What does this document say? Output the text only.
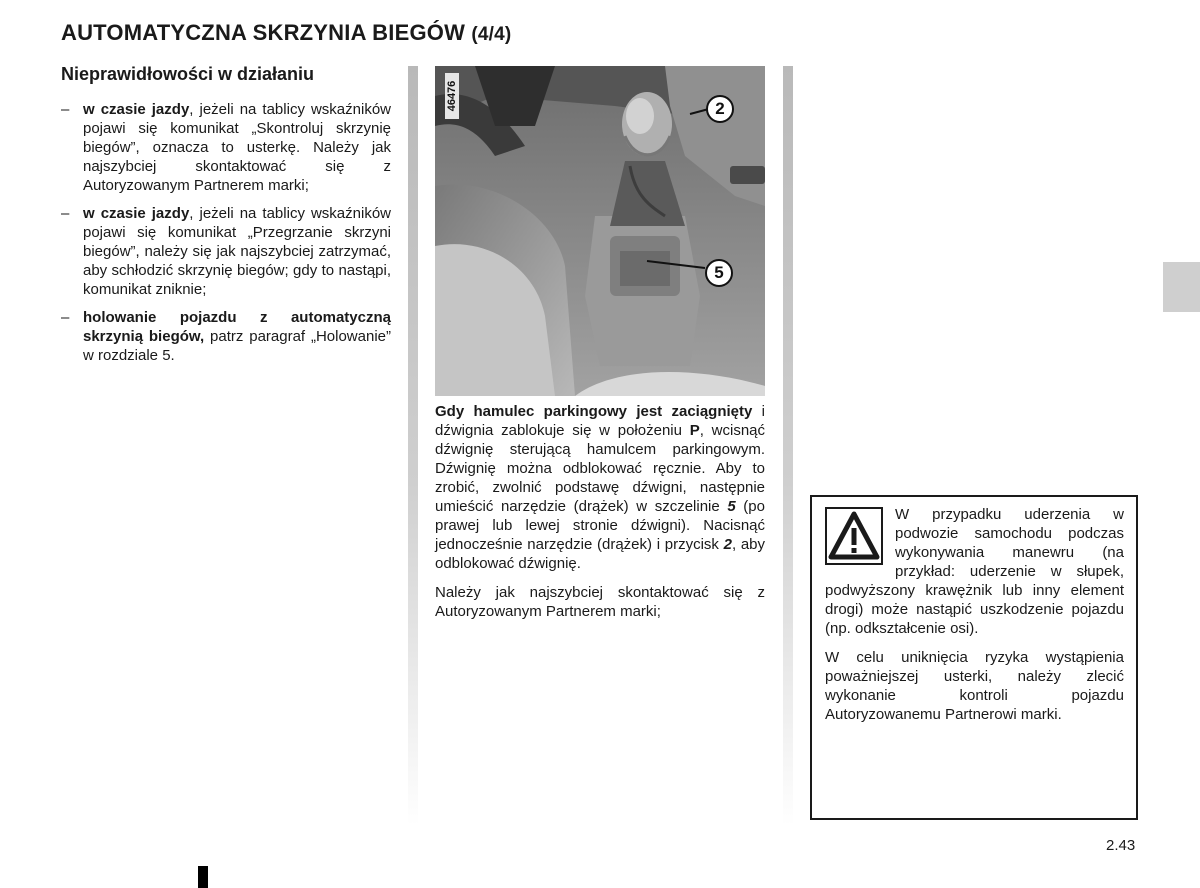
AUTOMATYCZNA SKRZYNIA BIEGÓW (4/4)
Nieprawidłowości w działaniu
– w czasie jazdy, jeżeli na tablicy wskaźników pojawi się komunikat „Skontroluj skrzynię biegów”, oznacza to usterkę. Należy jak najszybciej skontaktować się z Autoryzowanym Partnerem marki;
– w czasie jazdy, jeżeli na tablicy wskaźników pojawi się komunikat „Przegrzanie skrzyni biegów”, należy się jak najszybciej zatrzymać, aby schłodzić skrzynię biegów; gdy to nastąpi, komunikat zniknie;
– holowanie pojazdu z automatyczną skrzynią biegów, patrz paragraf „Holowanie” w rozdziale 5.
46476	2
5

Gdy hamulec parkingowy jest zaciągnięty i dźwignia zablokuje się w położeniu P, wcisnąć dźwignię sterującą hamulcem parkingowym. Dźwignię można odblokować ręcznie. Aby to zrobić, zwolnić podstawę dźwigni, następnie umieścić narzędzie (drążek) w szczelinie 5 (po prawej lub lewej stronie dźwigni). Nacisnąć jednocześnie narzędzie (drążek) i przycisk 2, aby odblokować dźwignię.

Należy jak najszybciej skontaktować się z Autoryzowanym Partnerem marki;

W przypadku uderzenia w podwozie samochodu podczas wykonywania manewru (na przykład: uderzenie w słupek, podwyższony krawężnik lub inny element drogi) może nastąpić uszkodzenie pojazdu (np. odkształcenie osi).

W celu uniknięcia ryzyka wystąpienia poważniejszej usterki, należy zlecić wykonanie kontroli pojazdu Autoryzowanemu Partnerowi marki.

2.43
